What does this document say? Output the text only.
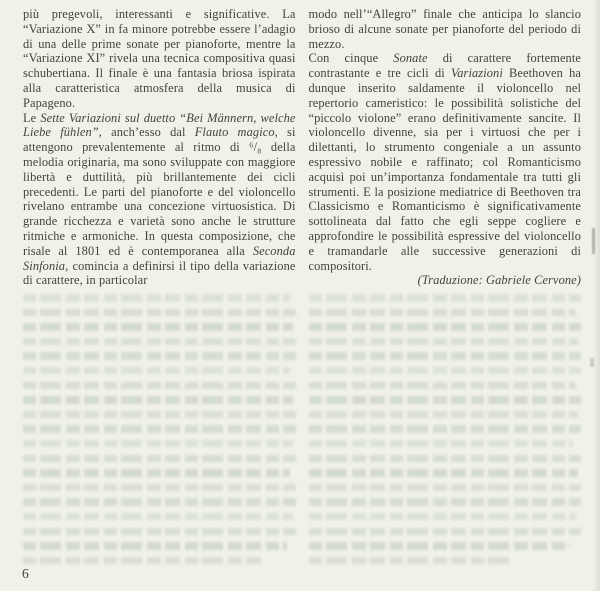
più pregevoli, interessanti e significative. La “Variazione X” in fa minore potrebbe essere l’adagio di una delle prime sonate per pianoforte, mentre la “Variazione XI” rivela una tecnica compositiva quasi schubertiana. Il finale è una fantasia briosa ispirata alla caratteristica atmosfera della musica di Papageno.

Le Sette Variazioni sul duetto “Bei Männern, welche Liebe fühlen”, anch’esso dal Flauto magico, si attengono prevalentemente al ritmo di ⁶/₈ della melodia originaria, ma sono sviluppate con maggiore libertà e duttilità, più brillantemente dei cicli precedenti. Le parti del pianoforte e del violoncello rivelano entrambe una concezione virtuosistica. Di grande ricchezza e varietà sono anche le strutture ritmiche e armoniche. In questa composizione, che risale al 1801 ed è contemporanea alla Seconda Sinfonia, comincia a definirsi il tipo della variazione di carattere, in particolar

modo nell’“Allegro” finale che anticipa lo slancio brioso di alcune sonate per pianoforte del periodo di mezzo.

Con cinque Sonate di carattere fortemente contrastante e tre cicli di Variazioni Beethoven ha dunque inserito saldamente il violoncello nel repertorio cameristico: le possibilità solistiche del “piccolo violone” erano definitivamente sancite. Il violoncello divenne, sia per i virtuosi che per i dilettanti, lo strumento congeniale a un assunto espressivo nobile e raffinato; col Romanticismo acquisì poi un’importanza fondamentale tra tutti gli strumenti. E la posizione mediatrice di Beethoven tra Classicismo e Romanticismo è significativamente sottolineata dal fatto che egli seppe cogliere e approfondire le possibilità espressive del violoncello e tramandarle alle successive generazioni di compositori.

(Traduzione: Gabriele Cervone)

6
